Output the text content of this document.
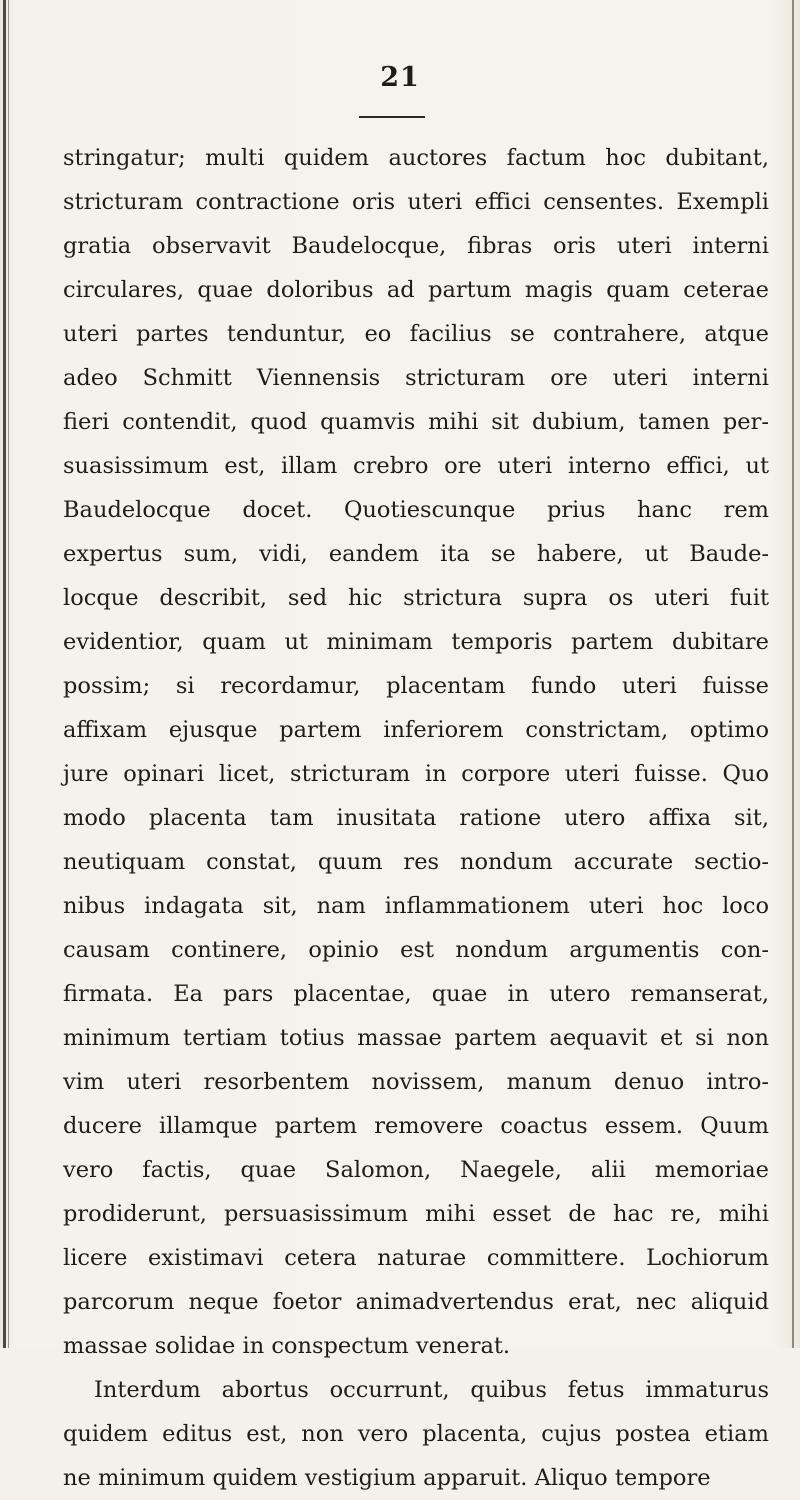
21
stringatur; multi quidem auctores factum hoc dubitant,
stricturam contractione oris uteri effici censentes. Exempli
gratia observavit Baudelocque, fibras oris uteri interni
circulares, quae doloribus ad partum magis quam ceterae
uteri partes tenduntur, eo facilius se contrahere, atque
adeo Schmitt Viennensis stricturam ore uteri interni
fieri contendit, quod quamvis mihi sit dubium, tamen per-
suasissimum est, illam crebro ore uteri interno effici, ut
Baudelocque docet. Quotiescunque prius hanc rem
expertus sum, vidi, eandem ita se habere, ut Baude-
locque describit, sed hic strictura supra os uteri fuit
evidentior, quam ut minimam temporis partem dubitare
possim; si recordamur, placentam fundo uteri fuisse
affixam ejusque partem inferiorem constrictam, optimo
jure opinari licet, stricturam in corpore uteri fuisse. Quo
modo placenta tam inusitata ratione utero affixa sit,
neutiquam constat, quum res nondum accurate sectio-
nibus indagata sit, nam inflammationem uteri hoc loco
causam continere, opinio est nondum argumentis con-
firmata. Ea pars placentae, quae in utero remanserat,
minimum tertiam totius massae partem aequavit et si non
vim uteri resorbentem novissem, manum denuo intro-
ducere illamque partem removere coactus essem. Quum
vero factis, quae Salomon, Naegele, alii memoriae
prodiderunt, persuasissimum mihi esset de hac re, mihi
licere existimavi cetera naturae committere. Lochiorum
parcorum neque foetor animadvertendus erat, nec aliquid
massae solidae in conspectum venerat.
Interdum abortus occurrunt, quibus fetus immaturus
quidem editus est, non vero placenta, cujus postea etiam
ne minimum quidem vestigium apparuit. Aliquo tempore
